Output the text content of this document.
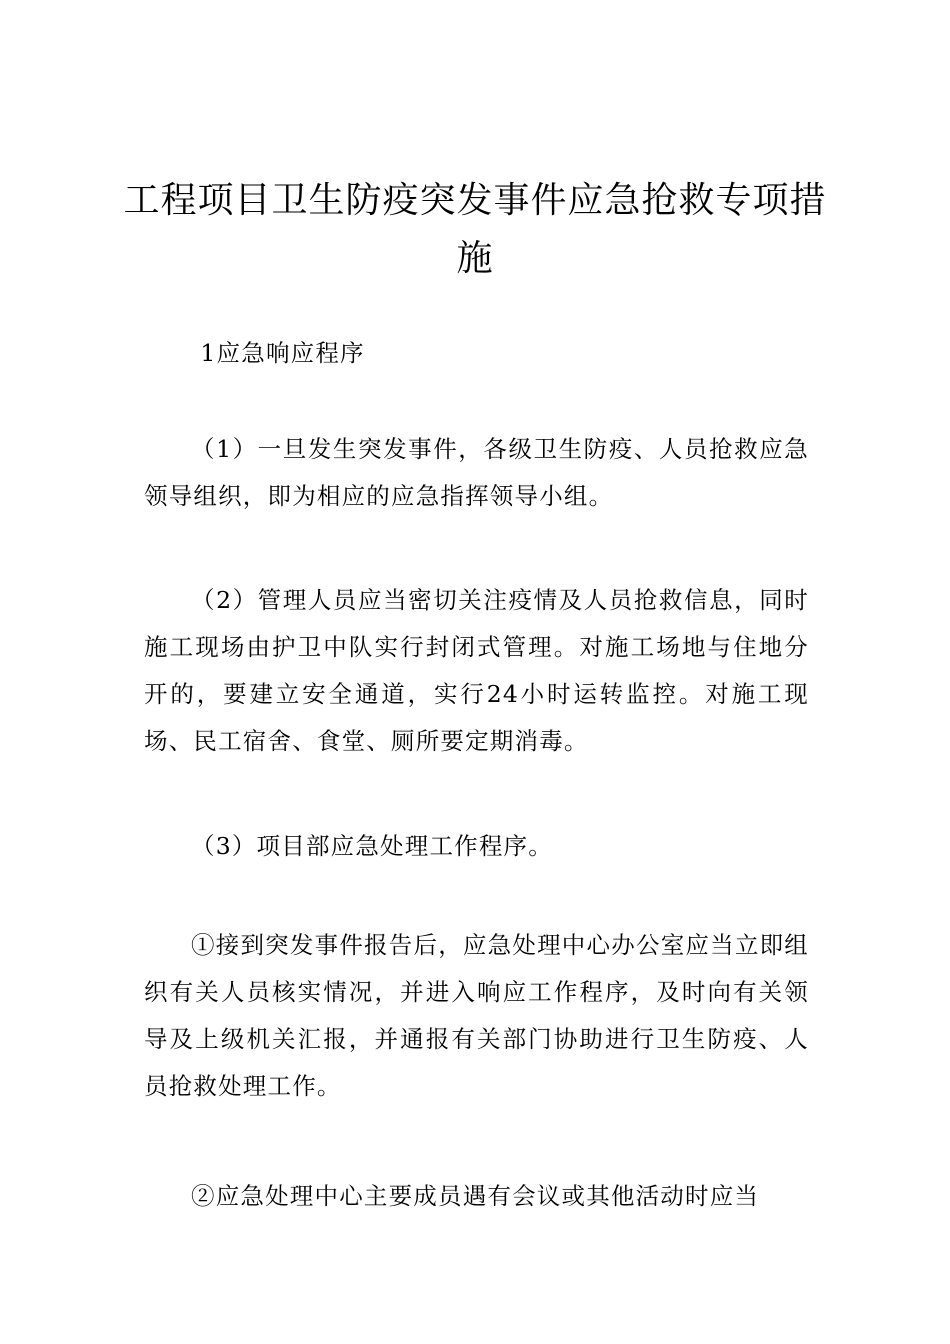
工程项目卫生防疫突发事件应急抢救专项措施

1应急响应程序

（1）一旦发生突发事件，各级卫生防疫、人员抢救应急领导组织，即为相应的应急指挥领导小组。

（2）管理人员应当密切关注疫情及人员抢救信息，同时施工现场由护卫中队实行封闭式管理。对施工场地与住地分开的，要建立安全通道，实行24小时运转监控。对施工现场、民工宿舍、食堂、厕所要定期消毒。

（3）项目部应急处理工作程序。

①接到突发事件报告后，应急处理中心办公室应当立即组织有关人员核实情况，并进入响应工作程序，及时向有关领导及上级机关汇报，并通报有关部门协助进行卫生防疫、人员抢救处理工作。

②应急处理中心主要成员遇有会议或其他活动时应当
